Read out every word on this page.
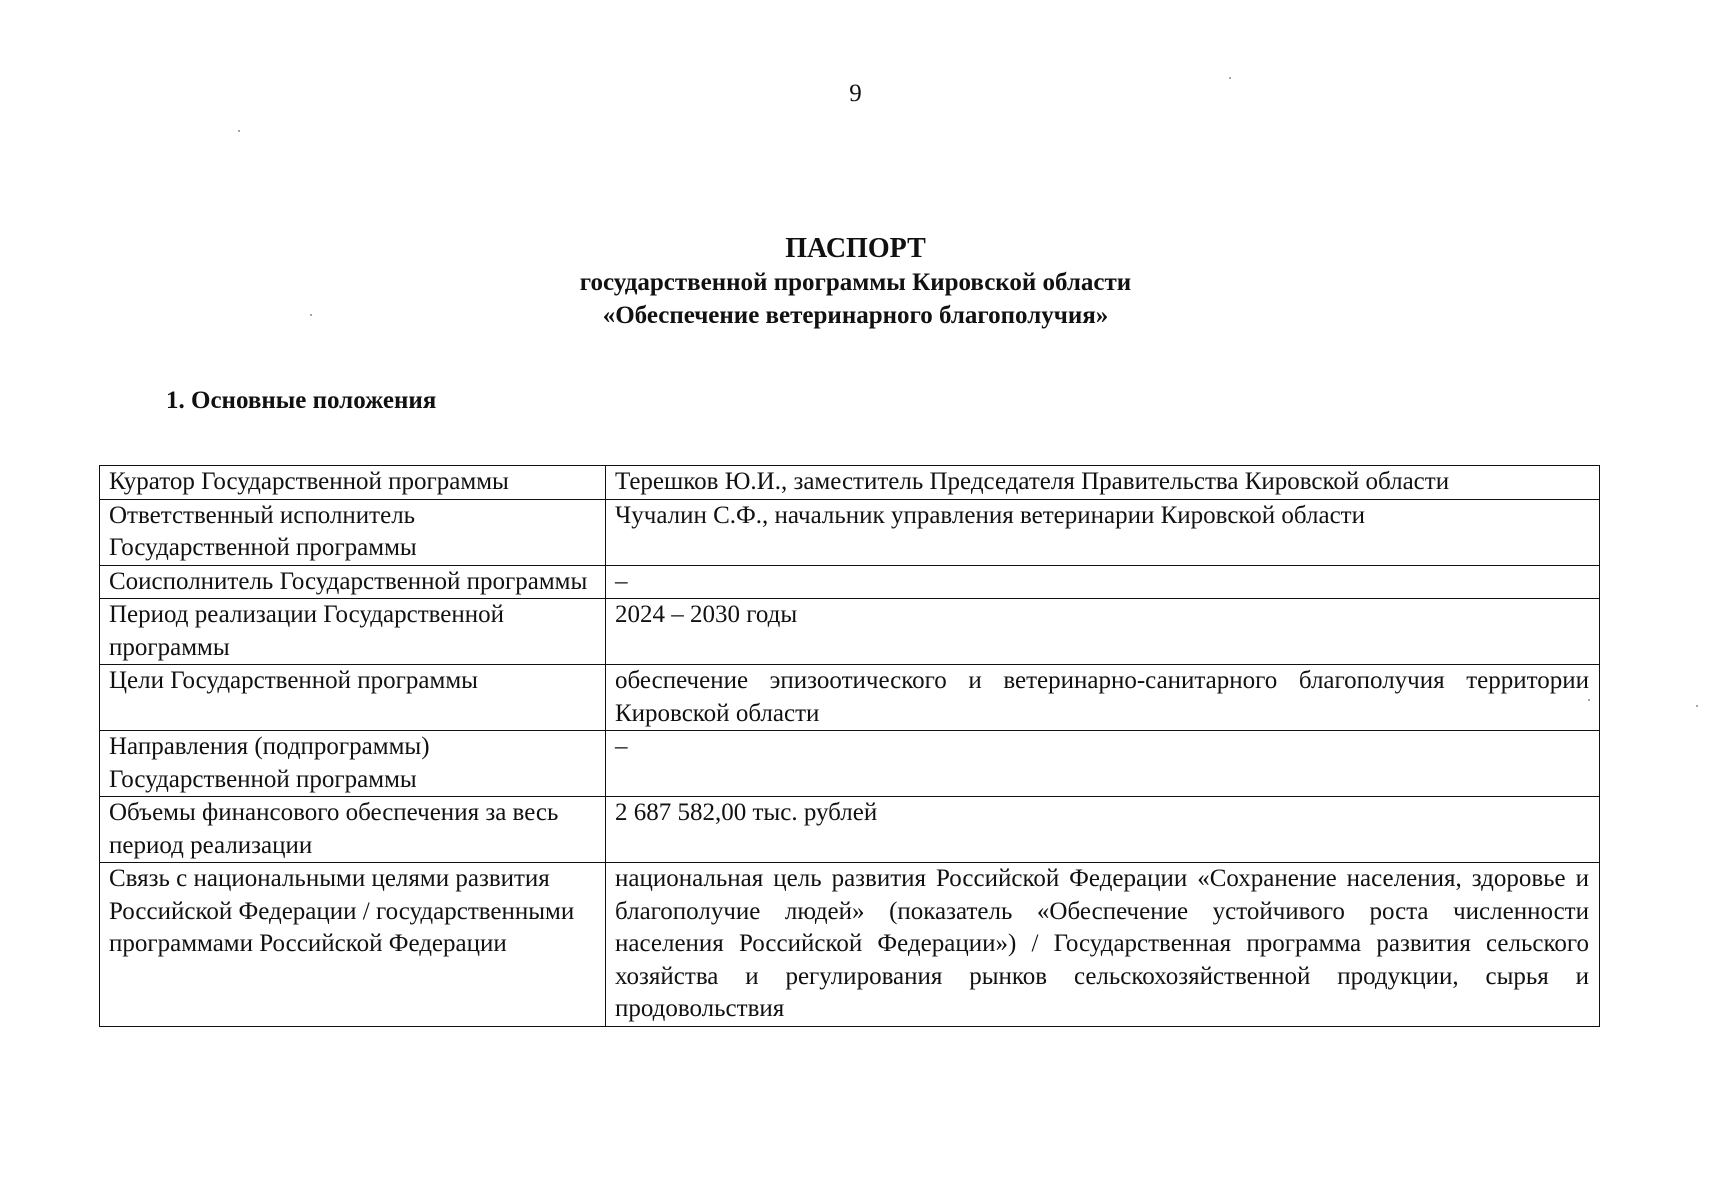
9
ПАСПОРТ
государственной программы Кировской области
«Обеспечение ветеринарного благополучия»
1. Основные положения
Куратор Государственной программы	Терешков Ю.И., заместитель Председателя Правительства Кировской области
Ответственный исполнитель Государственной программы	Чучалин С.Ф., начальник управления ветеринарии Кировской области
Соисполнитель Государственной программы	–
Период реализации Государственной программы	2024 – 2030 годы
Цели Государственной программы	обеспечение эпизоотического и ветеринарно-санитарного благополучия территории Кировской области
Направления (подпрограммы) Государственной программы	–
Объемы финансового обеспечения за весь период реализации	2 687 582,00 тыс. рублей
Связь с национальными целями развития Российской Федерации / государственными программами Российской Федерации	национальная цель развития Российской Федерации «Сохранение населения, здоровье и благополучие людей» (показатель «Обеспечение устойчивого роста численности населения Российской Федерации») / Государственная программа развития сельского хозяйства и регулирования рынков сельскохозяйственной продукции, сырья и продовольствия
